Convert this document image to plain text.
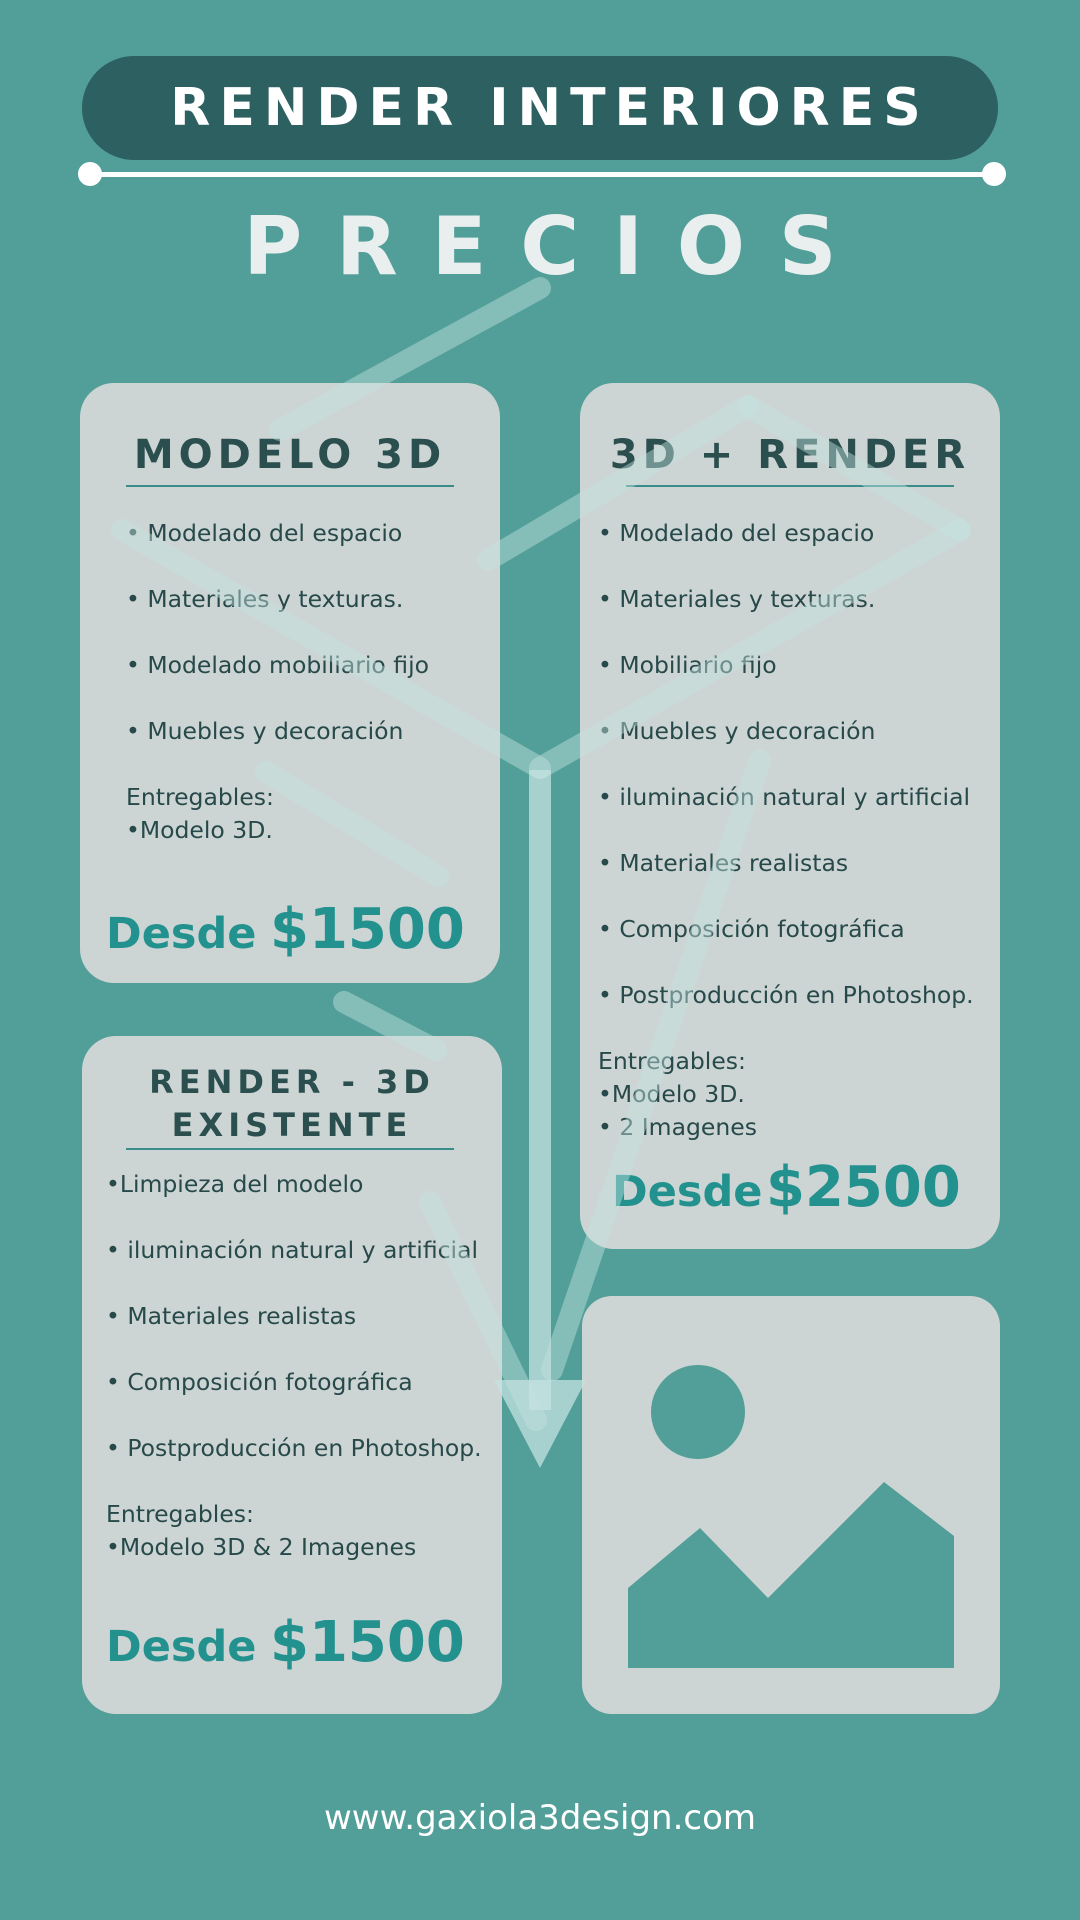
RENDER INTERIORES
PRECIOS
MODELO 3D
• Modelado del espacio
• Materiales y texturas.
• Modelado mobiliario fijo
• Muebles y decoración
Entregables:
•Modelo 3D.
Desde $1500
3D + RENDER
• Modelado del espacio
• Materiales y texturas.
• Mobiliario fijo
• Muebles y decoración
• iluminación natural y artificial
• Materiales realistas
• Composición fotográfica
• Postproducción en Photoshop.
Entregables:
•Modelo 3D.
• 2 Imagenes
Desde $2500
RENDER - 3D
EXISTENTE
•Limpieza del modelo
• iluminación natural y artificial
• Materiales realistas
• Composición fotográfica
• Postproducción en Photoshop.
Entregables:
•Modelo 3D & 2 Imagenes
Desde $1500
www.gaxiola3design.com
